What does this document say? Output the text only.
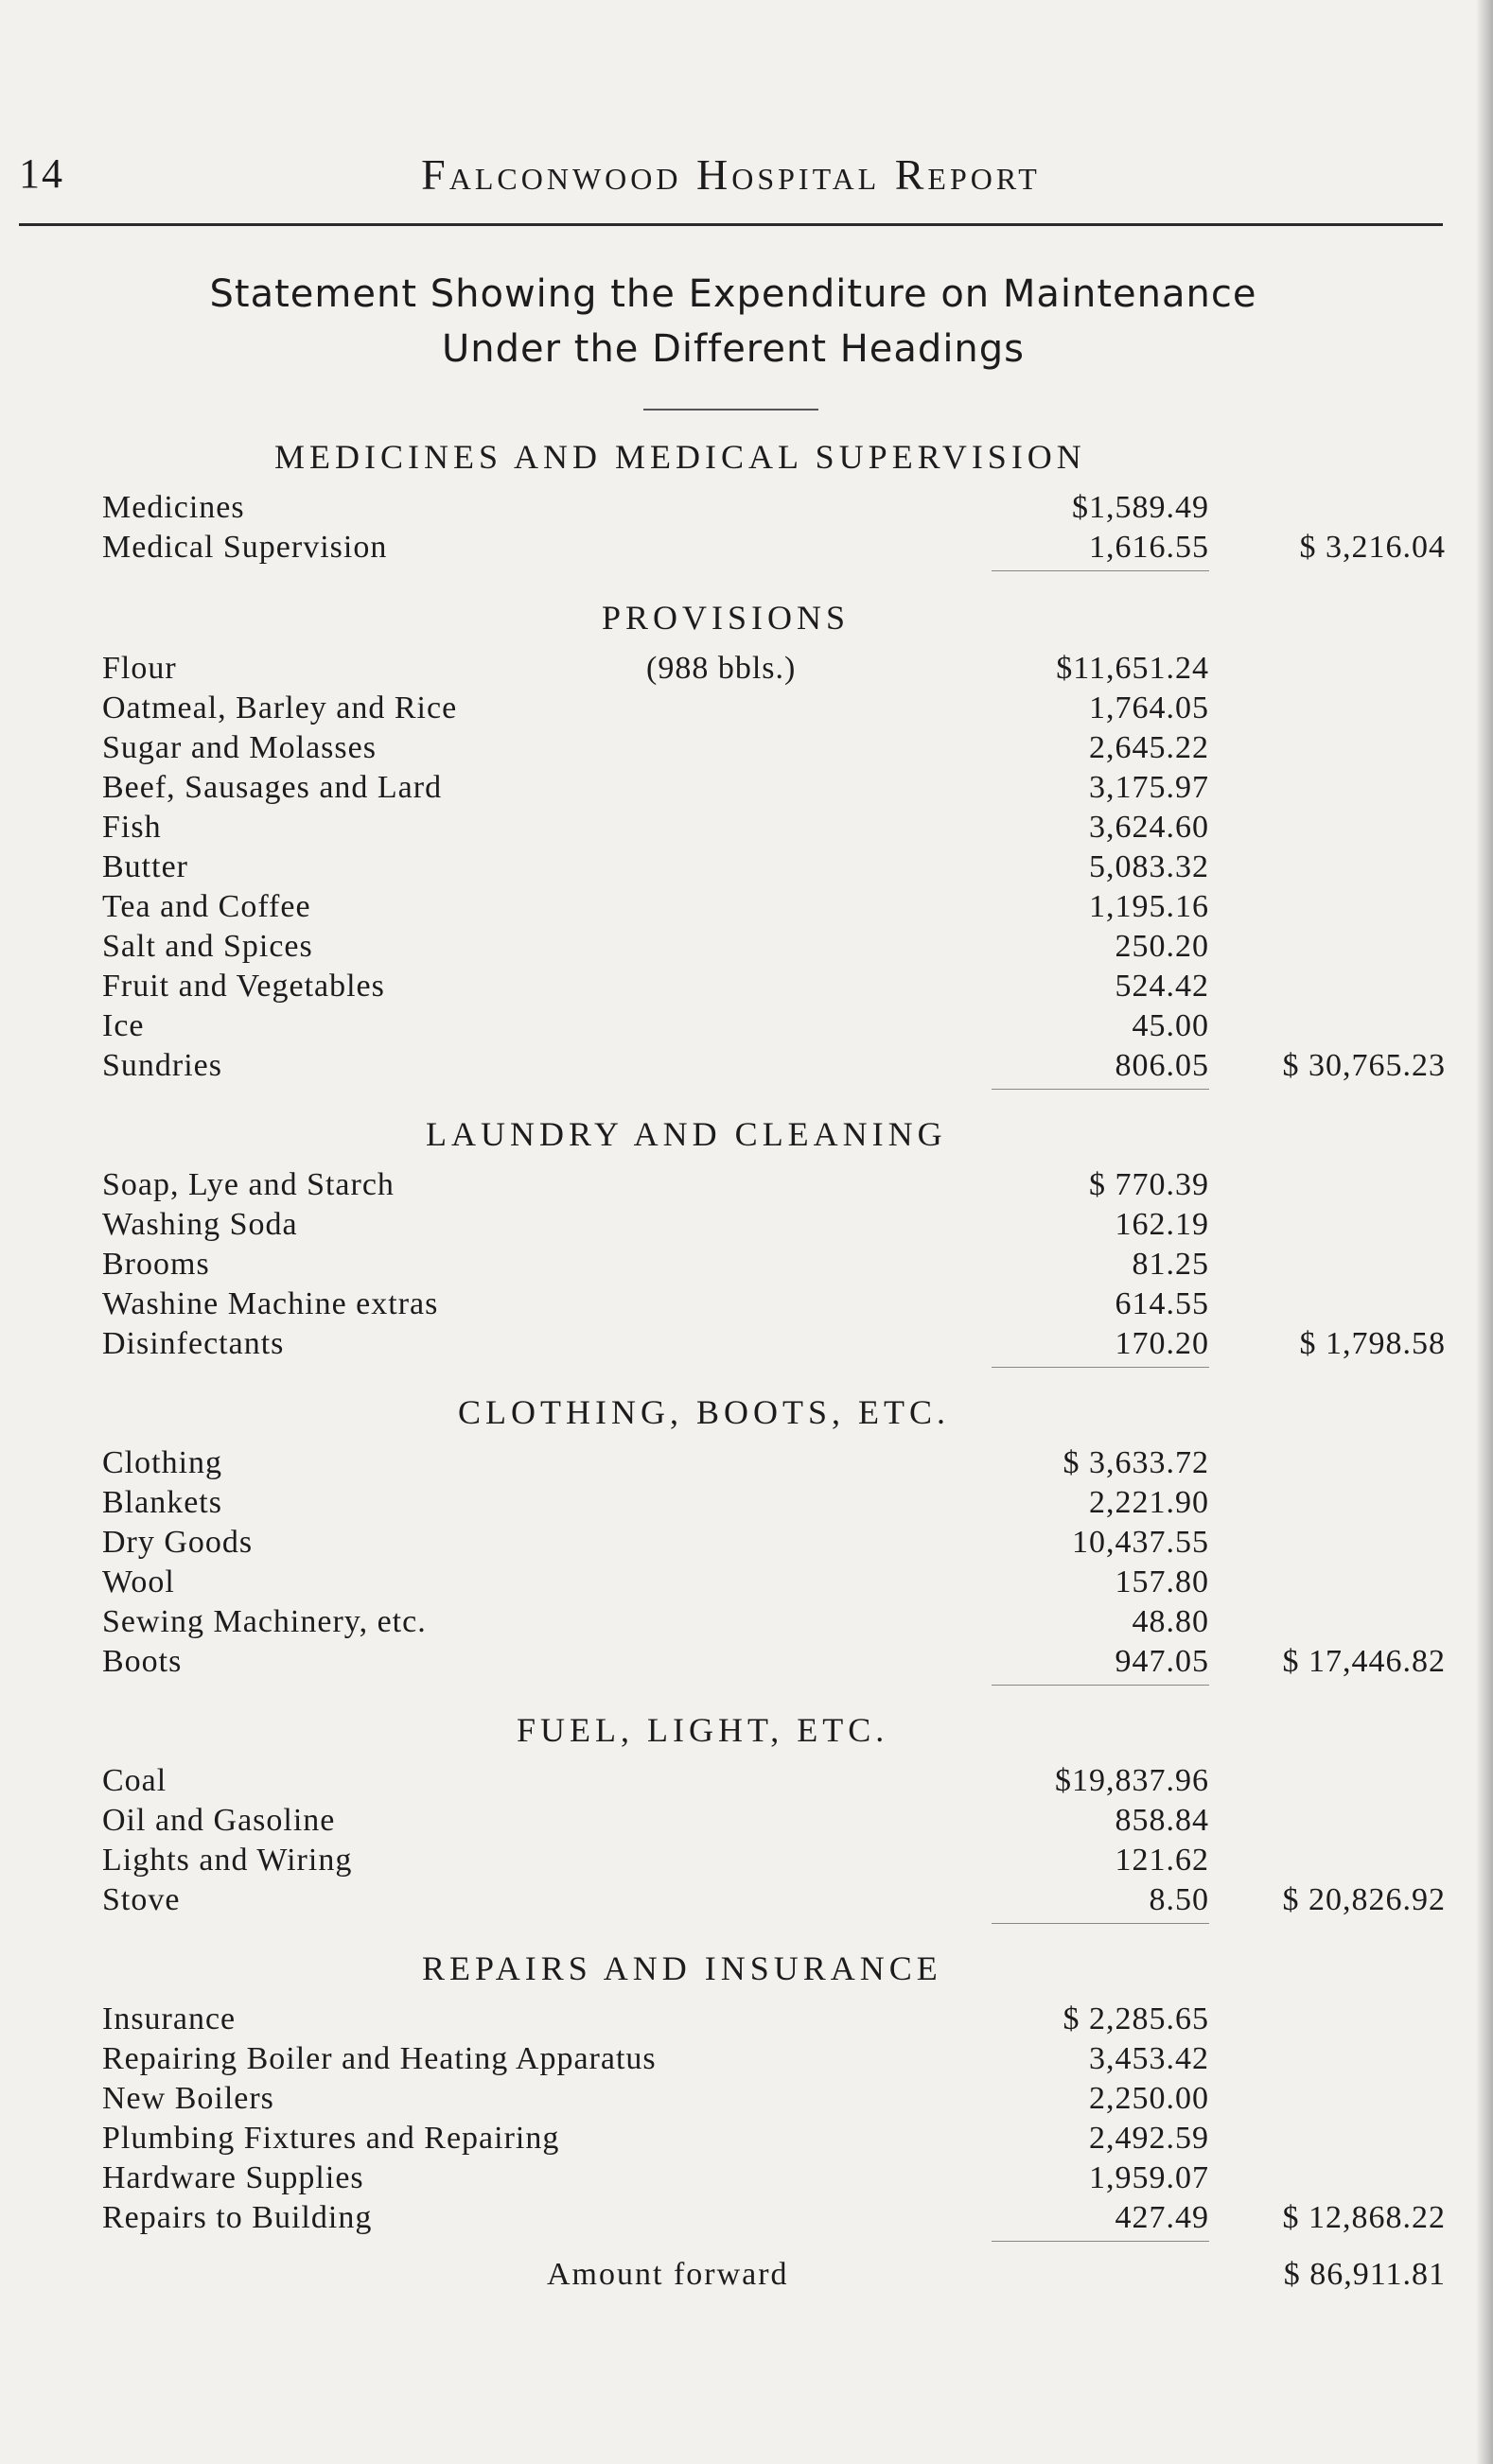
14	Falconwood Hospital Report
Statement Showing the Expenditure on Maintenance
Under the Different Headings
MEDICINES AND MEDICAL SUPERVISION
Medicines	$1,589.49
Medical Supervision	1,616.55	$ 3,216.04
PROVISIONS
Flour	(988 bbls.)	$11,651.24
Oatmeal, Barley and Rice	1,764.05
Sugar and Molasses	2,645.22
Beef, Sausages and Lard	3,175.97
Fish	3,624.60
Butter	5,083.32
Tea and Coffee	1,195.16
Salt and Spices	250.20
Fruit and Vegetables	524.42
Ice	45.00
Sundries	806.05	$ 30,765.23
LAUNDRY AND CLEANING
Soap, Lye and Starch	$ 770.39
Washing Soda	162.19
Brooms	81.25
Washine Machine extras	614.55
Disinfectants	170.20	$ 1,798.58
CLOTHING, BOOTS, ETC.
Clothing	$ 3,633.72
Blankets	2,221.90
Dry Goods	10,437.55
Wool	157.80
Sewing Machinery, etc.	48.80
Boots	947.05	$ 17,446.82
FUEL, LIGHT, ETC.
Coal	$19,837.96
Oil and Gasoline	858.84
Lights and Wiring	121.62
Stove	8.50	$ 20,826.92
REPAIRS AND INSURANCE
Insurance	$ 2,285.65
Repairing Boiler and Heating Apparatus	3,453.42
New Boilers	2,250.00
Plumbing Fixtures and Repairing	2,492.59
Hardware Supplies	1,959.07
Repairs to Building	427.49	$ 12,868.22
Amount forward	$ 86,911.81
